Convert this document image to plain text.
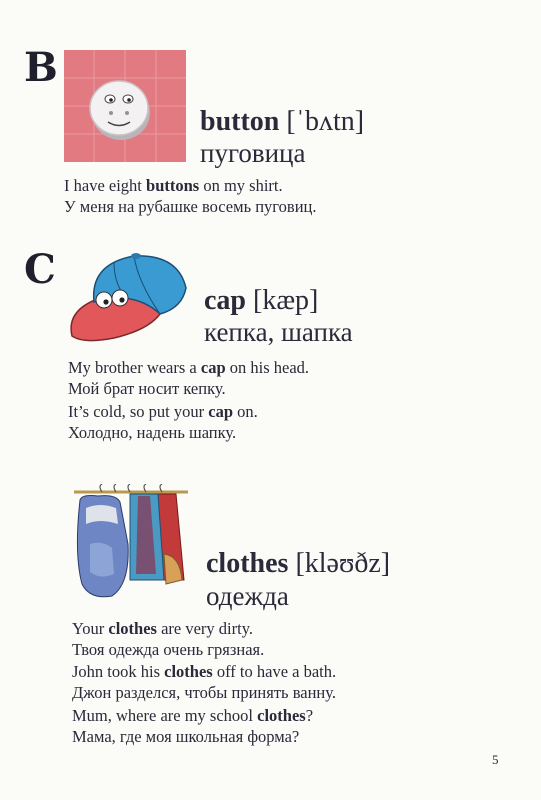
B
button [ˈbʌtn]
пуговица
I have eight buttons on my shirt.
У меня на рубашке восемь пуговиц.
C
cap [kæp]
кепка, шапка
My brother wears a cap on his head.
Мой брат носит кепку.
It’s cold, so put your cap on.
Холодно, надень шапку.
clothes [kləʊðz]
одежда
Your clothes are very dirty.
Твоя одежда очень грязная.
John took his clothes off to have a bath.
Джон разделся, чтобы принять ванну.
Mum, where are my school clothes?
Мама, где моя школьная форма?
5
